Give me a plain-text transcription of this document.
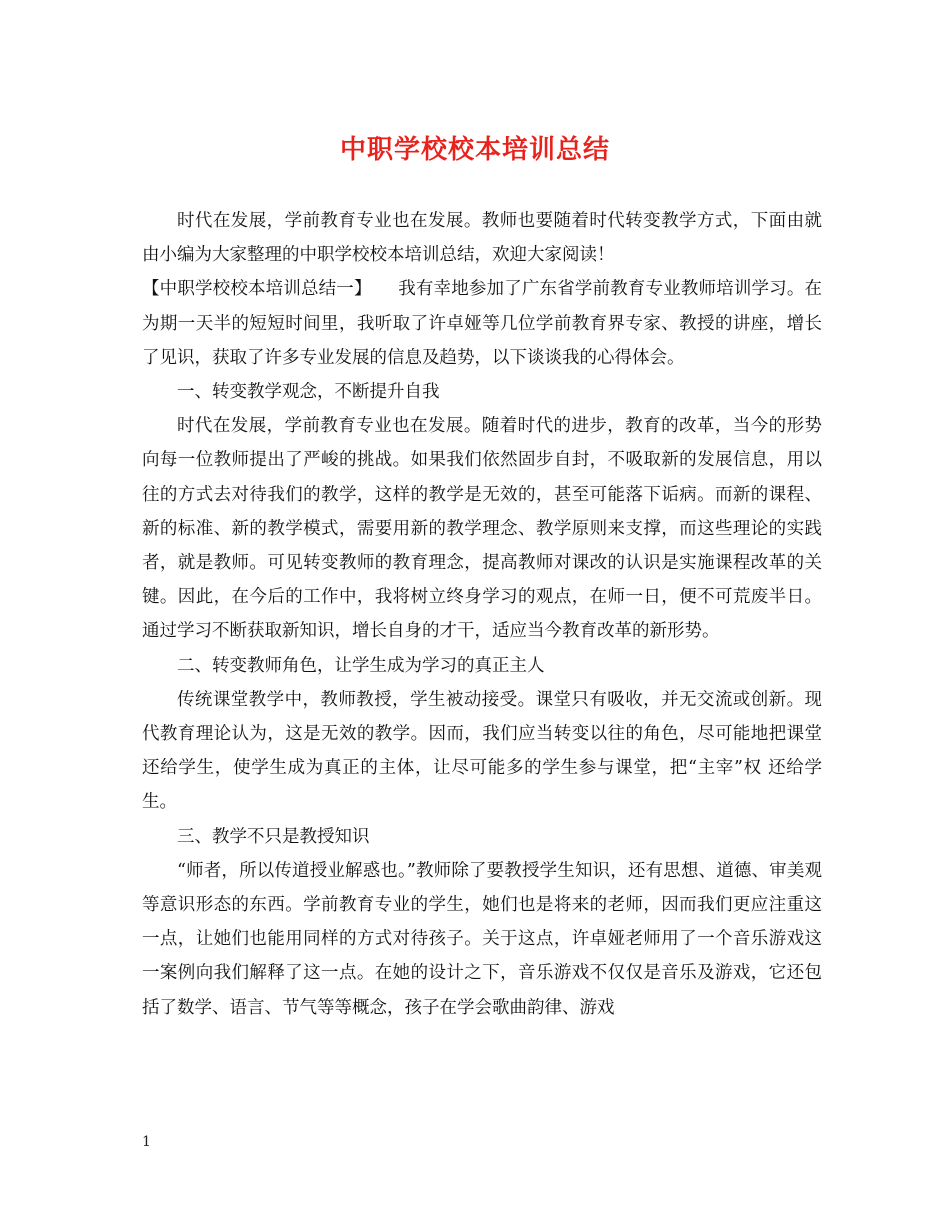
中职学校校本培训总结

时代在发展，学前教育专业也在发展。教师也要随着时代转变教学方式，下面由就由小编为大家整理的中职学校校本培训总结，欢迎大家阅读！

【中职学校校本培训总结一】　　我有幸地参加了广东省学前教育专业教师培训学习。在为期一天半的短短时间里，我听取了许卓娅等几位学前教育界专家、教授的讲座，增长了见识，获取了许多专业发展的信息及趋势，以下谈谈我的心得体会。

一、转变教学观念，不断提升自我

时代在发展，学前教育专业也在发展。随着时代的进步，教育的改革，当今的形势向每一位教师提出了严峻的挑战。如果我们依然固步自封，不吸取新的发展信息，用以往的方式去对待我们的教学，这样的教学是无效的，甚至可能落下诟病。而新的课程、新的标准、新的教学模式，需要用新的教学理念、教学原则来支撑，而这些理论的实践者，就是教师。可见转变教师的教育理念，提高教师对课改的认识是实施课程改革的关键。因此，在今后的工作中，我将树立终身学习的观点，在师一日，便不可荒废半日。通过学习不断获取新知识，增长自身的才干，适应当今教育改革的新形势。

二、转变教师角色，让学生成为学习的真正主人

传统课堂教学中，教师教授，学生被动接受。课堂只有吸收，并无交流或创新。现代教育理论认为，这是无效的教学。因而，我们应当转变以往的角色，尽可能地把课堂还给学生，使学生成为真正的主体，让尽可能多的学生参与课堂，把“主宰”权 还给学生。

三、教学不只是教授知识

“师者，所以传道授业解惑也。”教师除了要教授学生知识，还有思想、道德、审美观等意识形态的东西。学前教育专业的学生，她们也是将来的老师，因而我们更应注重这一点，让她们也能用同样的方式对待孩子。关于这点，许卓娅老师用了一个音乐游戏这一案例向我们解释了这一点。在她的设计之下，音乐游戏不仅仅是音乐及游戏，它还包括了数学、语言、节气等等概念，孩子在学会歌曲韵律、游戏

1
